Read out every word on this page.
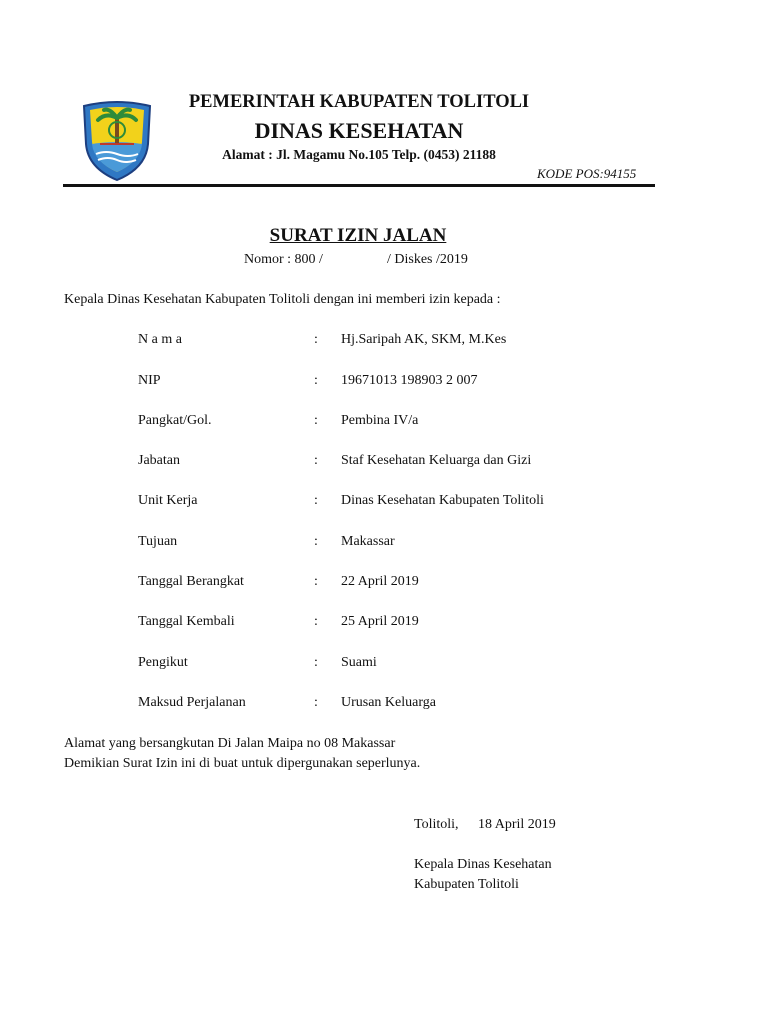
PEMERINTAH KABUPATEN TOLITOLI
DINAS KESEHATAN
Alamat : Jl. Magamu No.105 Telp. (0453) 21188
KODE POS:94155
SURAT IZIN JALAN
Nomor : 800 /	/ Diskes /2019
Kepala Dinas Kesehatan Kabupaten Tolitoli dengan ini memberi izin kepada :
N a m a	: Hj.Saripah AK, SKM, M.Kes
NIP	: 19671013 198903 2 007
Pangkat/Gol.	: Pembina IV/a
Jabatan	: Staf Kesehatan Keluarga dan Gizi
Unit Kerja	: Dinas Kesehatan Kabupaten Tolitoli
Tujuan	: Makassar
Tanggal Berangkat	: 22 April 2019
Tanggal Kembali	: 25 April 2019
Pengikut	: Suami
Maksud Perjalanan	: Urusan Keluarga
Alamat yang bersangkutan Di Jalan Maipa no 08 Makassar
Demikian Surat Izin ini di buat untuk dipergunakan seperlunya.
Tolitoli, 18 April 2019
Kepala Dinas Kesehatan
Kabupaten Tolitoli
